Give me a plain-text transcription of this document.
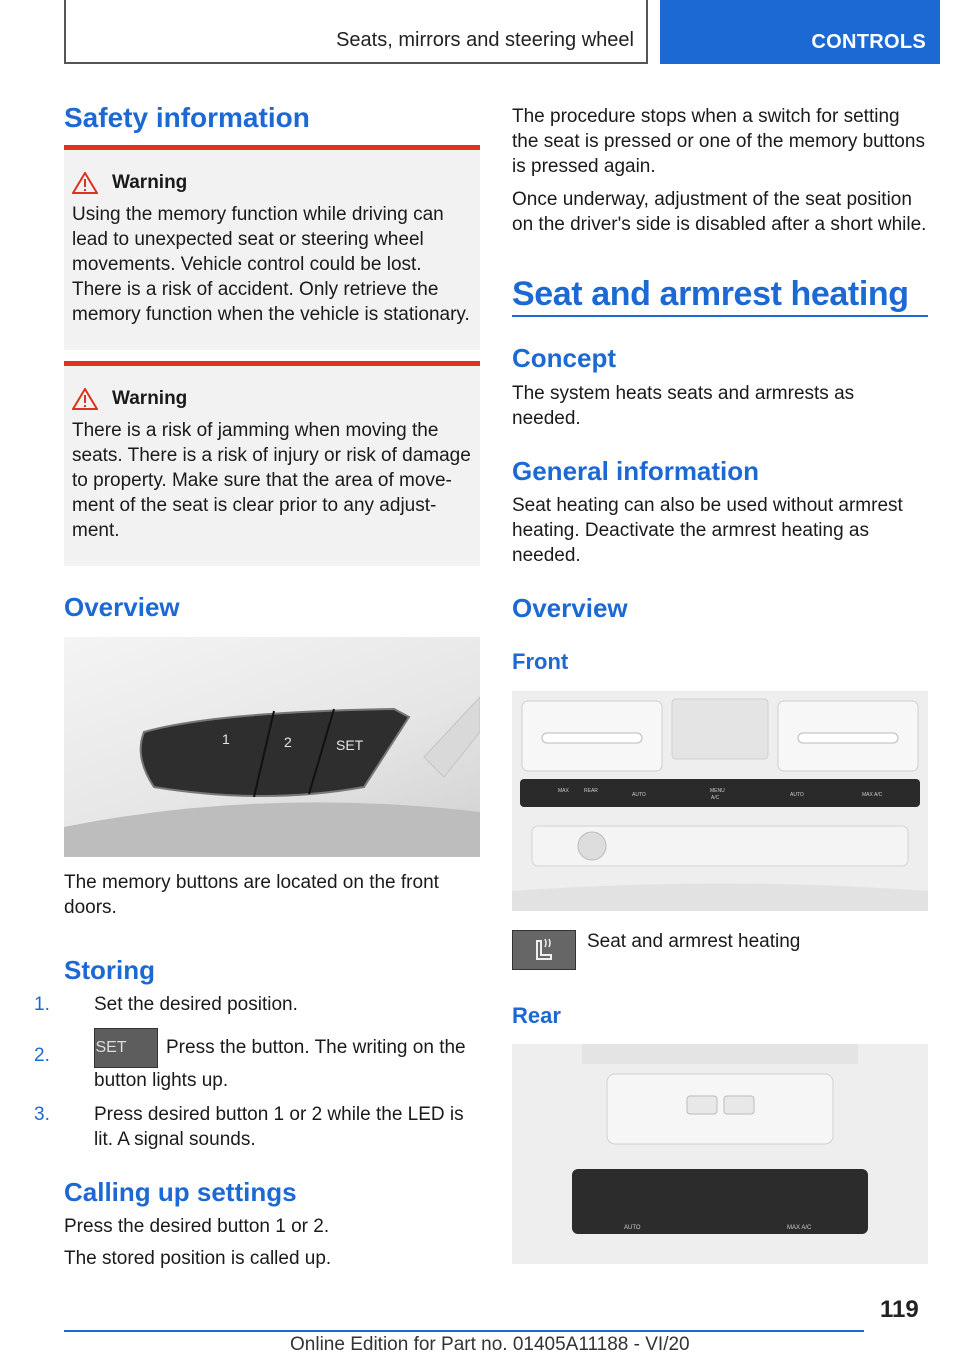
Seats, mirrors and steering wheel	CONTROLS
Safety information
Warning

Using the memory function while driving can lead to unexpected seat or steering wheel movements. Vehicle control could be lost. There is a risk of accident. Only retrieve the memory function when the vehicle is stationary.

Warning

There is a risk of jamming when moving the seats. There is a risk of injury or risk of damage to property. Make sure that the area of movement of the seat is clear prior to any adjustment.

Overview
1	2	SET

The memory buttons are located on the front doors.

Storing
1. Set the desired position.
2.	SET Press the button. The writing on the button lights up.
3. Press desired button 1 or 2 while the LED is lit. A signal sounds.
Calling up settings

Press the desired button 1 or 2.

The stored position is called up.

The procedure stops when a switch for setting the seat is pressed or one of the memory buttons is pressed again.

Once underway, adjustment of the seat position on the driver's side is disabled after a short while.

Seat and armrest heating
Concept

The system heats seats and armrests as needed.

General information

Seat heating can also be used without armrest heating. Deactivate the armrest heating as needed.

Overview
Front
MAX	REAR
AUTO
MENU
A/C	AUTO	MAX A/C

Seat and armrest heating

Rear
AUTO	MAX A/C
119
Online Edition for Part no. 01405A11188 - VI/20
